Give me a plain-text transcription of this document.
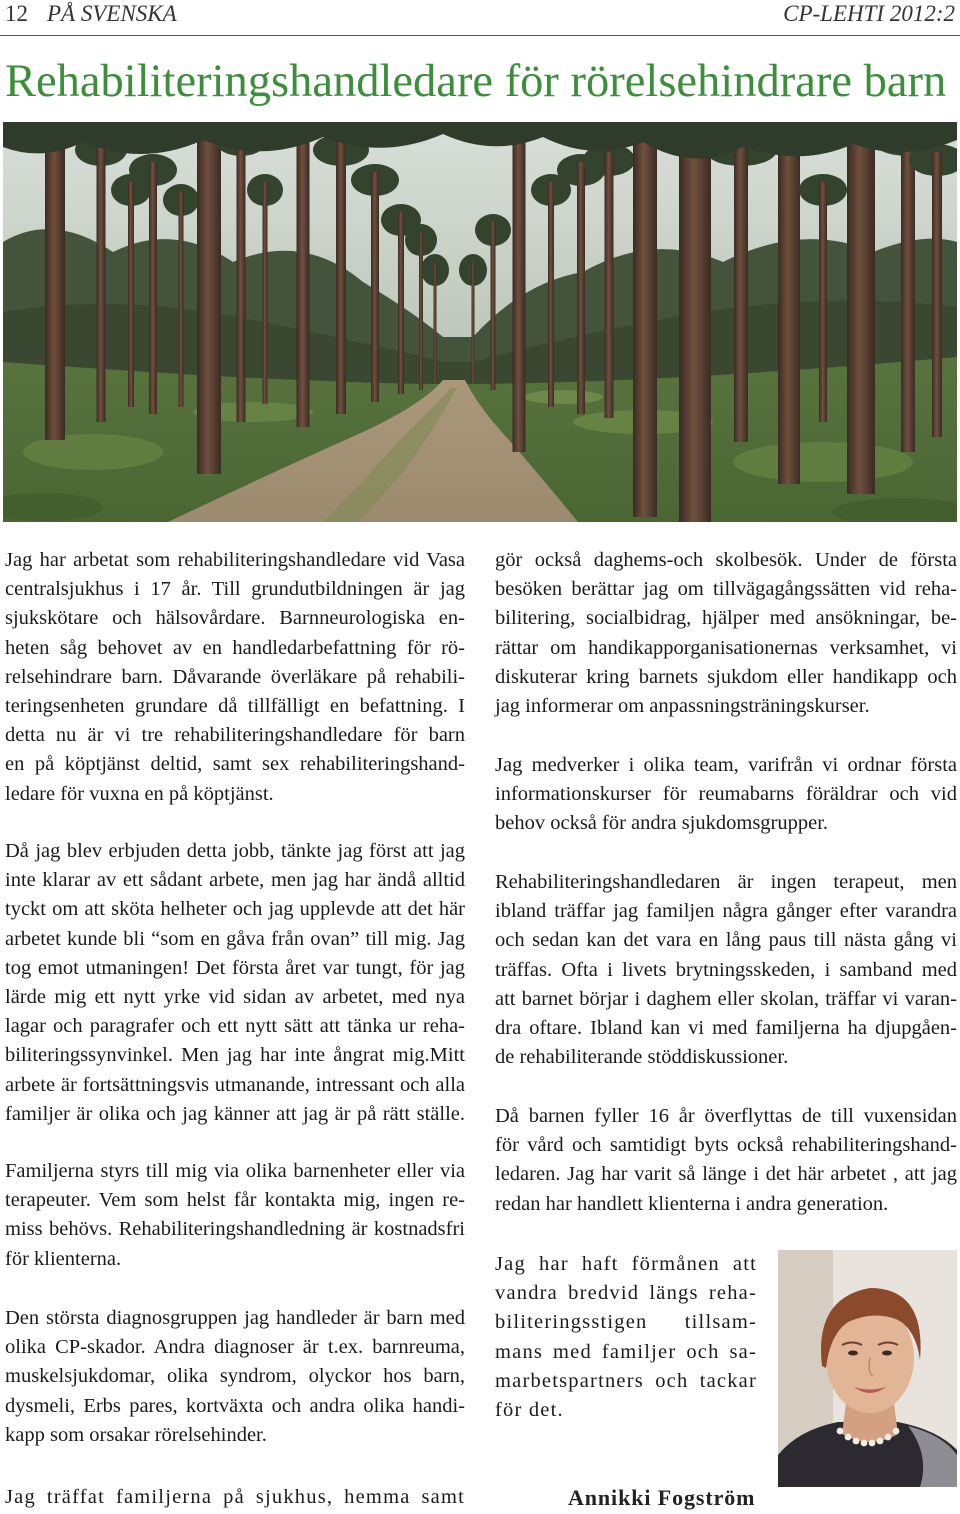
12 PÅ SVENSKA	CP-LEHTI 2012:2
Rehabiliteringshandledare för rörelsehindrare barn
Jag har arbetat som rehabiliteringshandledare vid Vasa
centralsjukhus i 17 år. Till grundutbildningen är jag
sjukskötare och hälsovårdare. Barnneurologiska en-
heten såg behovet av en handledarbefattning för rö-
relsehindrare barn. Dåvarande överläkare på rehabili-
teringsenheten grundare då tillfälligt en befattning. I
detta nu är vi tre rehabiliteringshandledare för barn
en på köptjänst deltid, samt sex rehabiliteringshand-
ledare för vuxna en på köptjänst.
Då jag blev erbjuden detta jobb, tänkte jag först att jag
inte klarar av ett sådant arbete, men jag har ändå alltid
tyckt om att sköta helheter och jag upplevde att det här
arbetet kunde bli “som en gåva från ovan” till mig. Jag
tog emot utmaningen! Det första året var tungt, för jag
lärde mig ett nytt yrke vid sidan av arbetet, med nya
lagar och paragrafer och ett nytt sätt att tänka ur reha-
biliteringssynvinkel. Men jag har inte ångrat mig.Mitt
arbete är fortsättningsvis utmanande, intressant och alla
familjer är olika och jag känner att jag är på rätt ställe.
Familjerna styrs till mig via olika barnenheter eller via
terapeuter. Vem som helst får kontakta mig, ingen re-
miss behövs. Rehabiliteringshandledning är kostnadsfri
för klienterna.
Den största diagnosgruppen jag handleder är barn med
olika CP-skador. Andra diagnoser är t.ex. barnreuma,
muskelsjukdomar, olika syndrom, olyckor hos barn,
dysmeli, Erbs pares, kortväxta och andra olika handi-
kapp som orsakar rörelsehinder.
Jag träffat familjerna på sjukhus, hemma samt
gör också daghems-och skolbesök. Under de första
besöken berättar jag om tillvägagångssätten vid reha-
bilitering, socialbidrag, hjälper med ansökningar, be-
rättar om handikapporganisationernas verksamhet, vi
diskuterar kring barnets sjukdom eller handikapp och
jag informerar om anpassningsträningskurser.
Jag medverker i olika team, varifrån vi ordnar första
informationskurser för reumabarns föräldrar och vid
behov också för andra sjukdomsgrupper.
Rehabiliteringshandledaren är ingen terapeut, men
ibland träffar jag familjen några gånger efter varandra
och sedan kan det vara en lång paus till nästa gång vi
träffas. Ofta i livets brytningsskeden, i samband med
att barnet börjar i daghem eller skolan, träffar vi varan-
dra oftare. Ibland kan vi med familjerna ha djupgåen-
de rehabiliterande stöddiskussioner.
Då barnen fyller 16 år överflyttas de till vuxensidan
för vård och samtidigt byts också rehabiliteringshand-
ledaren. Jag har varit så länge i det här arbetet , att jag
redan har handlett klienterna i andra generation.
Jag har haft förmånen att
vandra bredvid längs reha-
biliteringsstigen tillsam-
mans med familjer och sa-
marbetspartners och tackar
för det.
Annikki Fogström
